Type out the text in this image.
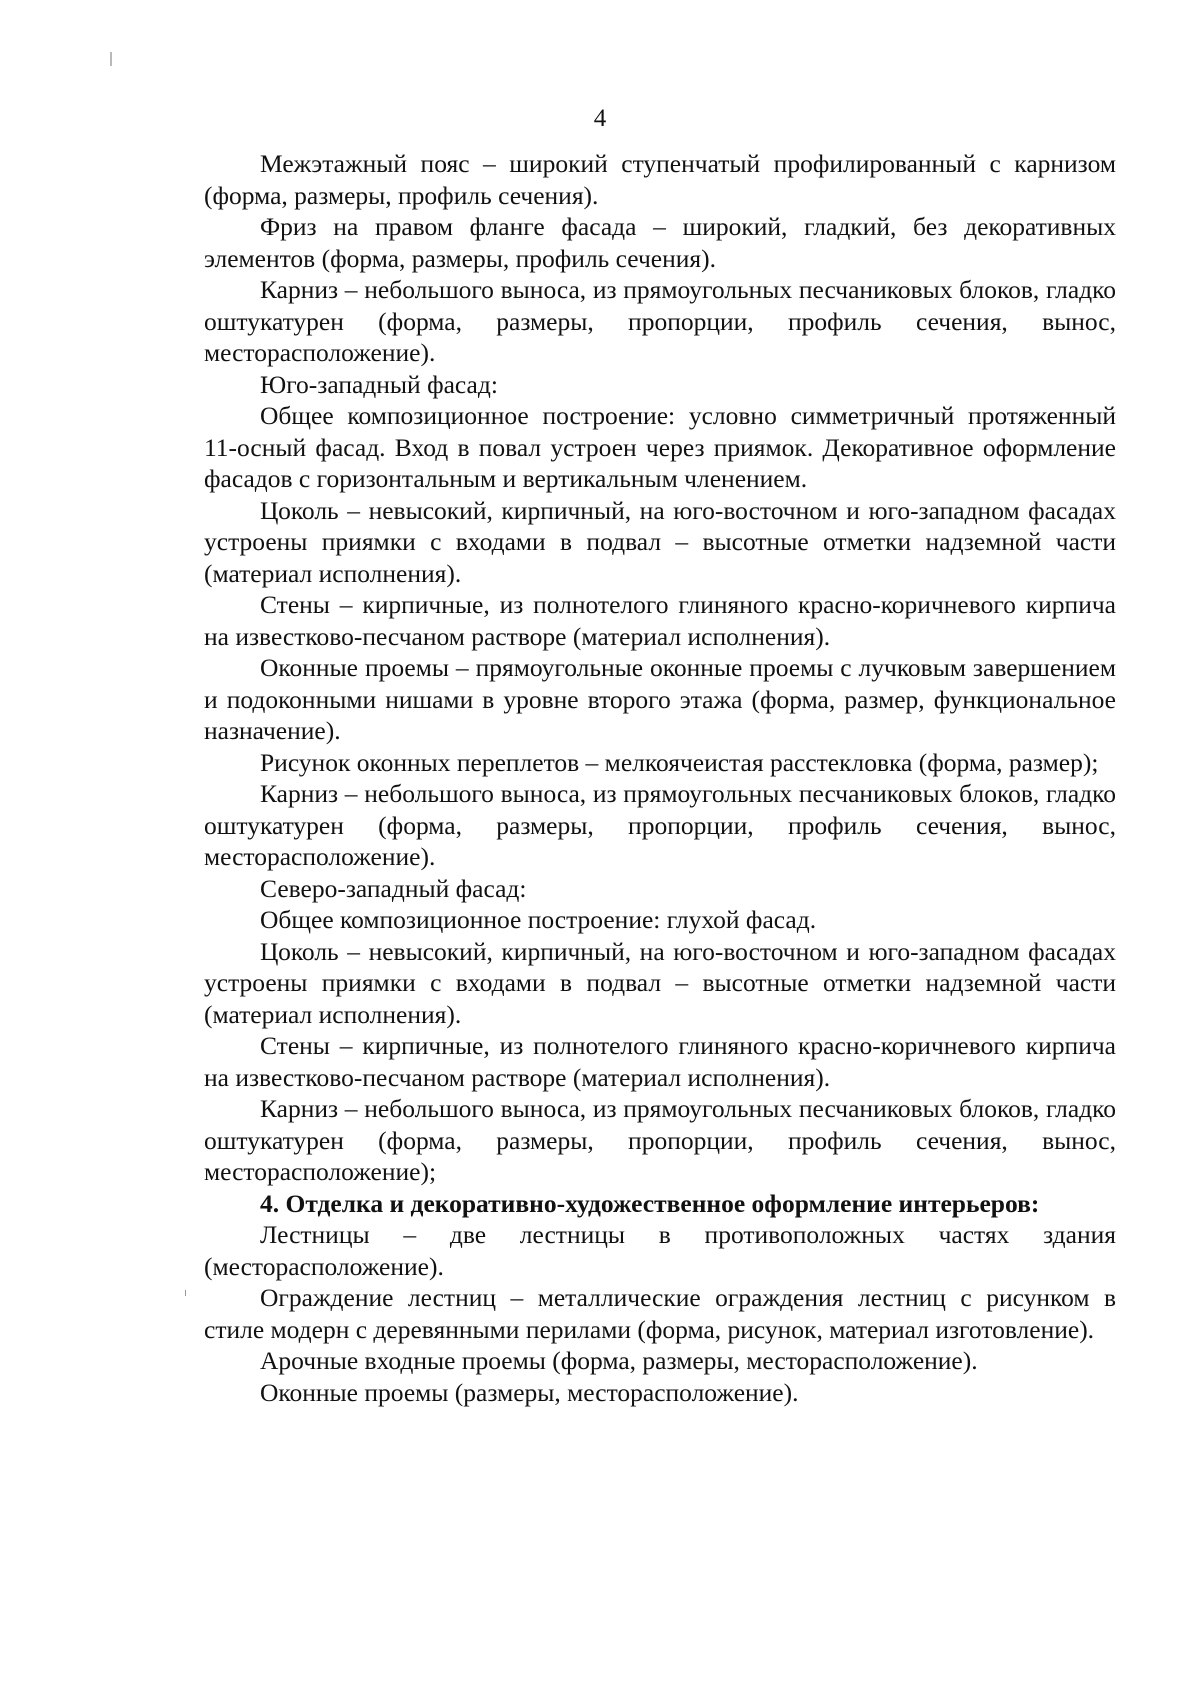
4

Межэтажный пояс – широкий ступенчатый профилированный с карнизом (форма, размеры, профиль сечения).

Фриз на правом фланге фасада – широкий, гладкий, без декоративных элементов (форма, размеры, профиль сечения).

Карниз – небольшого выноса, из прямоугольных песчаниковых блоков, гладко оштукатурен (форма, размеры, пропорции, профиль сечения, вынос, месторасположение).

Юго-западный фасад:

Общее композиционное построение: условно симметричный протяженный 11-осный фасад. Вход в повал устроен через приямок. Декоративное оформление фасадов с горизонтальным и вертикальным членением.

Цоколь – невысокий, кирпичный, на юго-восточном и юго-западном фасадах устроены приямки с входами в подвал – высотные отметки надземной части (материал исполнения).

Стены – кирпичные, из полнотелого глиняного красно-коричневого кирпича на известково-песчаном растворе (материал исполнения).

Оконные проемы – прямоугольные оконные проемы с лучковым завершением и подоконными нишами в уровне второго этажа (форма, размер, функциональное назначение).

Рисунок оконных переплетов – мелкоячеистая расстекловка (форма, размер);

Карниз – небольшого выноса, из прямоугольных песчаниковых блоков, гладко оштукатурен (форма, размеры, пропорции, профиль сечения, вынос, месторасположение).

Северо-западный фасад:

Общее композиционное построение: глухой фасад.

Цоколь – невысокий, кирпичный, на юго-восточном и юго-западном фасадах устроены приямки с входами в подвал – высотные отметки надземной части (материал исполнения).

Стены – кирпичные, из полнотелого глиняного красно-коричневого кирпича на известково-песчаном растворе (материал исполнения).

Карниз – небольшого выноса, из прямоугольных песчаниковых блоков, гладко оштукатурен (форма, размеры, пропорции, профиль сечения, вынос, месторасположение);

4. Отделка и декоративно-художественное оформление интерьеров:

Лестницы – две лестницы в противоположных частях здания (месторасположение).

Ограждение лестниц – металлические ограждения лестниц с рисунком в стиле модерн с деревянными перилами (форма, рисунок, материал изготовление).

Арочные входные проемы (форма, размеры, месторасположение).

Оконные проемы (размеры, месторасположение).
